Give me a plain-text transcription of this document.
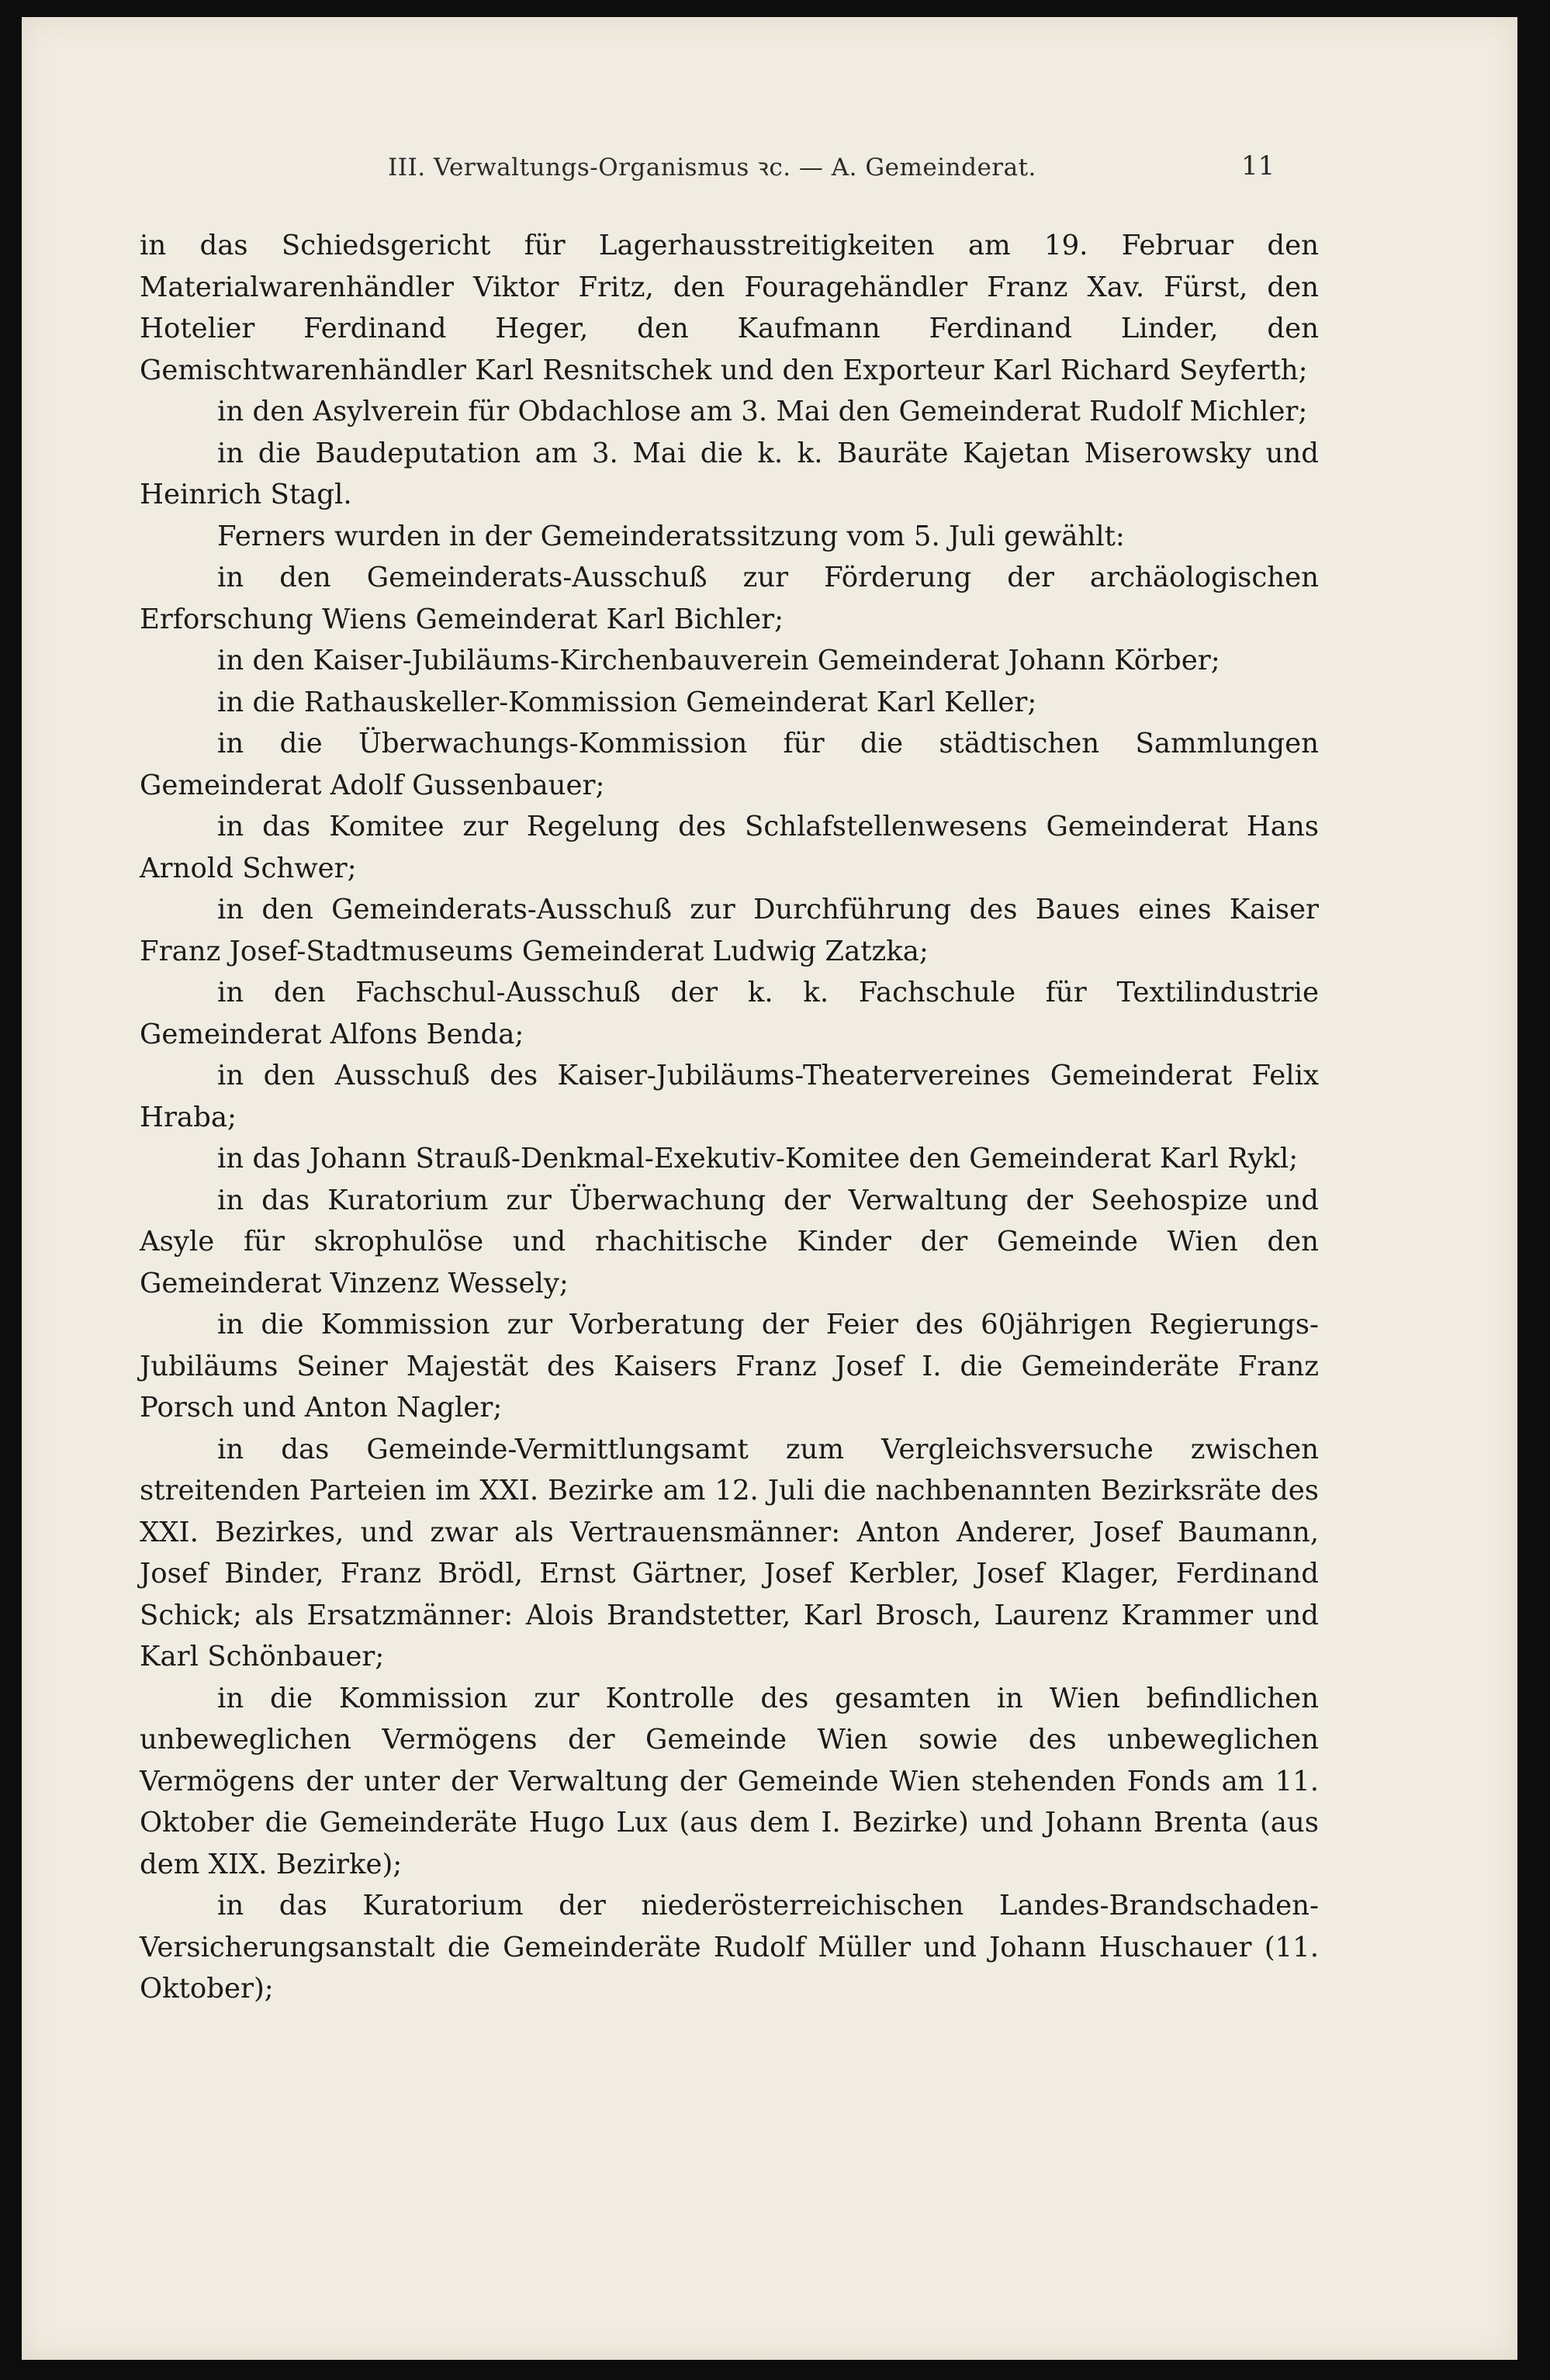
III. Verwaltungs-Organismus ꝛc. — A. Gemeinderat.	11

in das Schiedsgericht für Lagerhausstreitigkeiten am 19. Februar den Materialwarenhändler Viktor Fritz, den Fouragehändler Franz Xav. Fürst, den Hotelier Ferdinand Heger, den Kaufmann Ferdinand Linder, den Gemischtwarenhändler Karl Resnitschek und den Exporteur Karl Richard Seyferth;

in den Asylverein für Obdachlose am 3. Mai den Gemeinderat Rudolf Michler;

in die Baudeputation am 3. Mai die k. k. Bauräte Kajetan Miserowsky und Heinrich Stagl.

Ferners wurden in der Gemeinderatssitzung vom 5. Juli gewählt:

in den Gemeinderats-Ausschuß zur Förderung der archäologischen Erforschung Wiens Gemeinderat Karl Bichler;

in den Kaiser-Jubiläums-Kirchenbauverein Gemeinderat Johann Körber;

in die Rathauskeller-Kommission Gemeinderat Karl Keller;

in die Überwachungs-Kommission für die städtischen Sammlungen Gemeinderat Adolf Gussenbauer;

in das Komitee zur Regelung des Schlafstellenwesens Gemeinderat Hans Arnold Schwer;

in den Gemeinderats-Ausschuß zur Durchführung des Baues eines Kaiser Franz Josef-Stadtmuseums Gemeinderat Ludwig Zatzka;

in den Fachschul-Ausschuß der k. k. Fachschule für Textilindustrie Gemeinderat Alfons Benda;

in den Ausschuß des Kaiser-Jubiläums-Theatervereines Gemeinderat Felix Hraba;

in das Johann Strauß-Denkmal-Exekutiv-Komitee den Gemeinderat Karl Rykl;

in das Kuratorium zur Überwachung der Verwaltung der Seehospize und Asyle für skrophulöse und rhachitische Kinder der Gemeinde Wien den Gemeinderat Vinzenz Wessely;

in die Kommission zur Vorberatung der Feier des 60jährigen Regierungs-Jubiläums Seiner Majestät des Kaisers Franz Josef I. die Gemeinderäte Franz Porsch und Anton Nagler;

in das Gemeinde-Vermittlungsamt zum Vergleichsversuche zwischen streitenden Parteien im XXI. Bezirke am 12. Juli die nachbenannten Bezirksräte des XXI. Bezirkes, und zwar als Vertrauensmänner: Anton Anderer, Josef Baumann, Josef Binder, Franz Brödl, Ernst Gärtner, Josef Kerbler, Josef Klager, Ferdinand Schick; als Ersatzmänner: Alois Brandstetter, Karl Brosch, Laurenz Krammer und Karl Schönbauer;

in die Kommission zur Kontrolle des gesamten in Wien befindlichen unbeweglichen Vermögens der Gemeinde Wien sowie des unbeweglichen Vermögens der unter der Verwaltung der Gemeinde Wien stehenden Fonds am 11. Oktober die Gemeinderäte Hugo Lux (aus dem I. Bezirke) und Johann Brenta (aus dem XIX. Bezirke);

in das Kuratorium der niederösterreichischen Landes-Brandschaden-Versicherungsanstalt die Gemeinderäte Rudolf Müller und Johann Huschauer (11. Oktober);
